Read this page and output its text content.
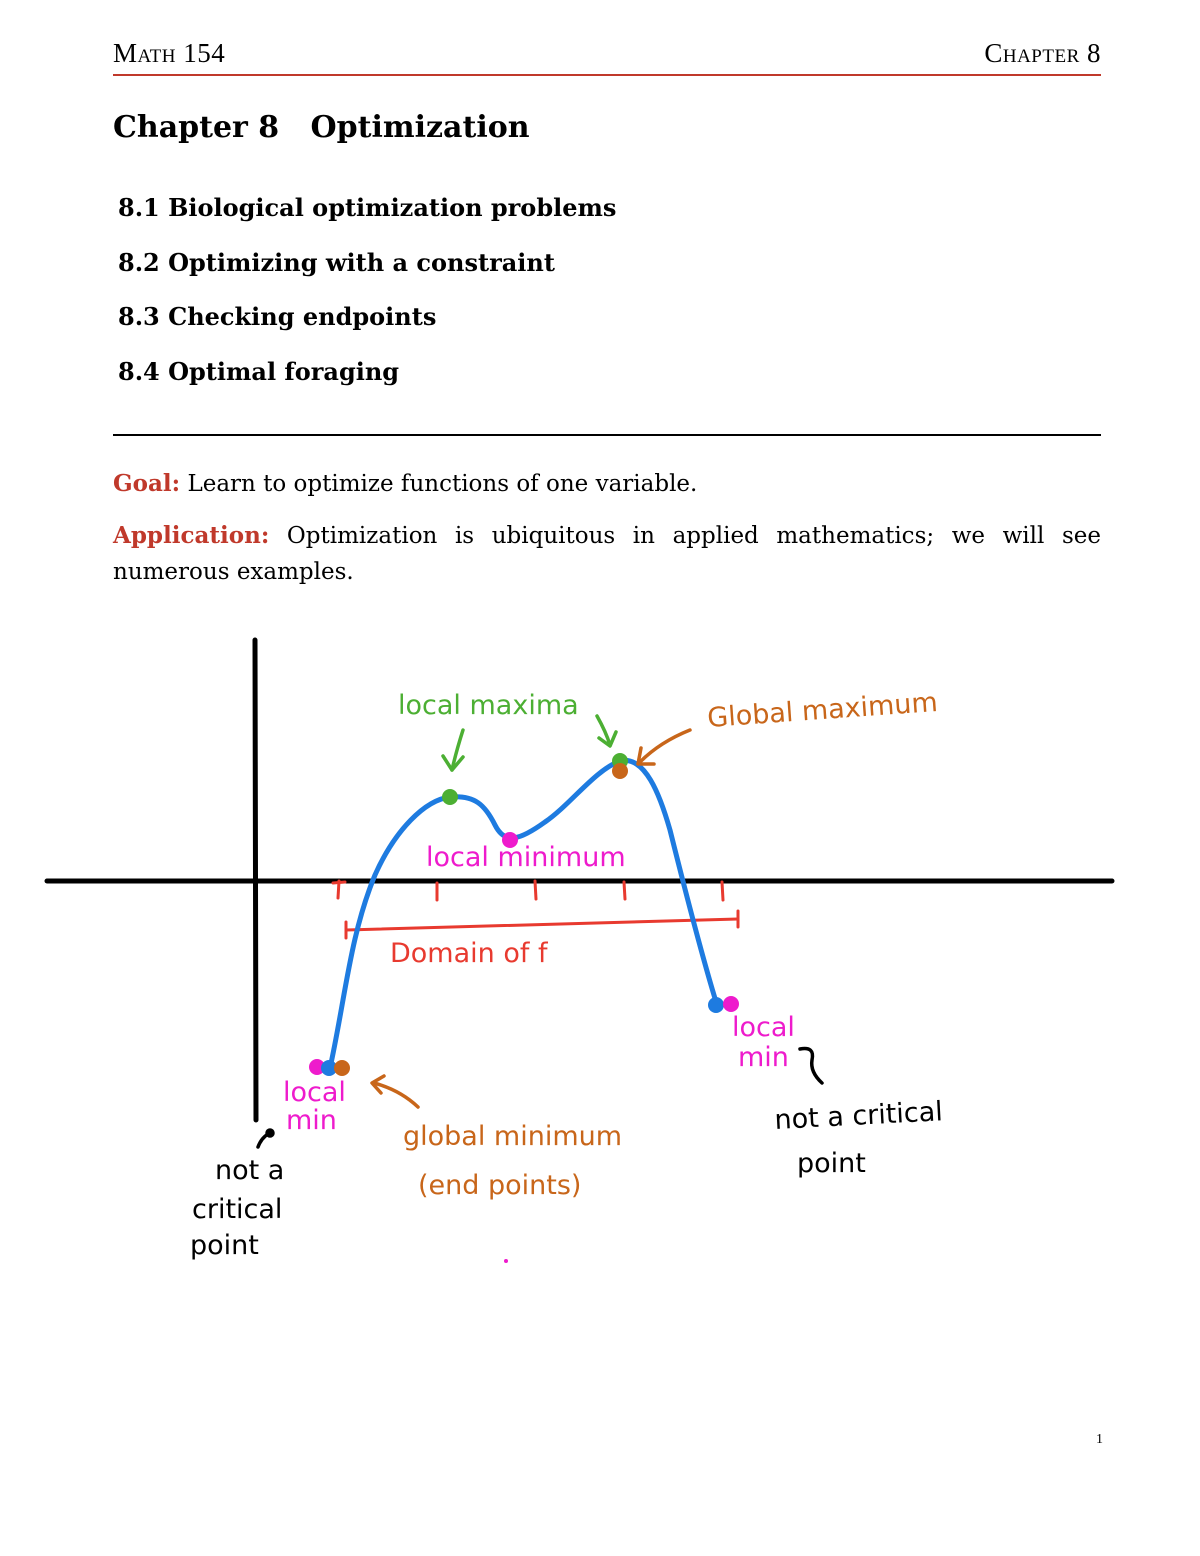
Math 154	Chapter 8
Chapter 8   Optimization
8.1 Biological optimization problems
8.2 Optimizing with a constraint
8.3 Checking endpoints
8.4 Optimal foraging
Goal: Learn to optimize functions of one variable.
Application: Optimization is ubiquitous in applied mathematics; we will see numerous examples.
Domain of f
local maxima	Global maximum
local minimum
local
min
global minimum
(end points)
not a
critical
point
local
min
not a critical
point
1
